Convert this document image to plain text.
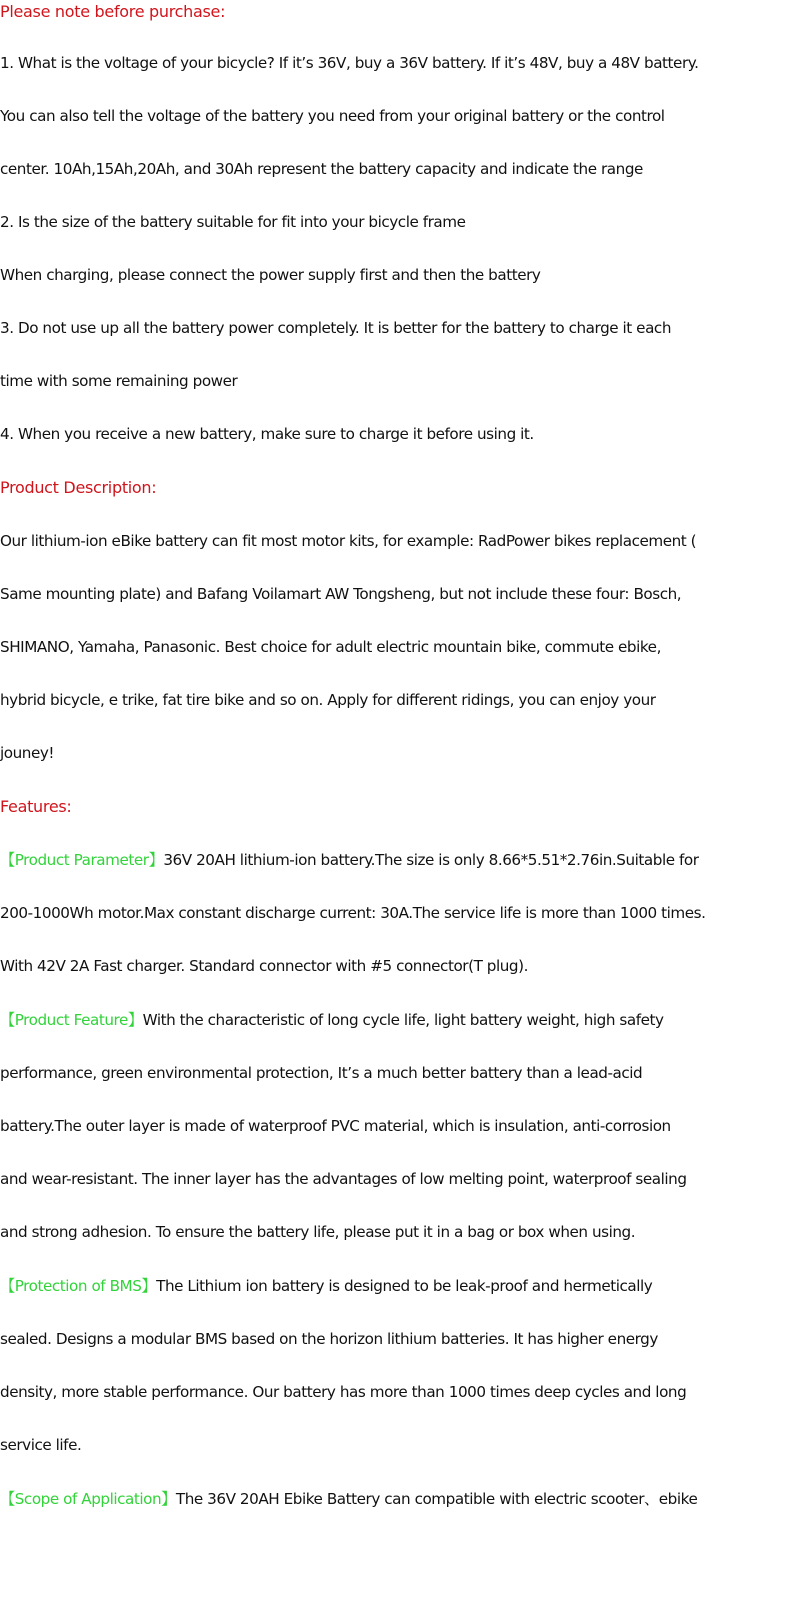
Please note before purchase:
1. What is the voltage of your bicycle? If it’s 36V, buy a 36V battery. If it’s 48V, buy a 48V battery.
You can also tell the voltage of the battery you need from your original battery or the control
center. 10Ah,15Ah,20Ah, and 30Ah represent the battery capacity and indicate the range
2. Is the size of the battery suitable for fit into your bicycle frame
When charging, please connect the power supply first and then the battery
3. Do not use up all the battery power completely. It is better for the battery to charge it each
time with some remaining power
4. When you receive a new battery, make sure to charge it before using it.
Product Description:
Our lithium-ion eBike battery can fit most motor kits, for example: RadPower bikes replacement (
Same mounting plate) and Bafang Voilamart AW Tongsheng, but not include these four: Bosch,
SHIMANO, Yamaha, Panasonic. Best choice for adult electric mountain bike, commute ebike,
hybrid bicycle, e trike, fat tire bike and so on. Apply for different ridings, you can enjoy your
jouney!
Features:
【Product Parameter】36V 20AH lithium-ion battery.The size is only 8.66*5.51*2.76in.Suitable for
200-1000Wh motor.Max constant discharge current: 30A.The service life is more than 1000 times.
With 42V 2A Fast charger. Standard connector with #5 connector(T plug).
【Product Feature】With the characteristic of long cycle life, light battery weight, high safety
performance, green environmental protection, It’s a much better battery than a lead-acid
battery.The outer layer is made of waterproof PVC material, which is insulation, anti-corrosion
and wear-resistant. The inner layer has the advantages of low melting point, waterproof sealing
and strong adhesion. To ensure the battery life, please put it in a bag or box when using.
【Protection of BMS】The Lithium ion battery is designed to be leak-proof and hermetically
sealed. Designs a modular BMS based on the horizon lithium batteries. It has higher energy
density, more stable performance. Our battery has more than 1000 times deep cycles and long
service life.
【Scope of Application】The 36V 20AH Ebike Battery can compatible with electric scooter、ebike
